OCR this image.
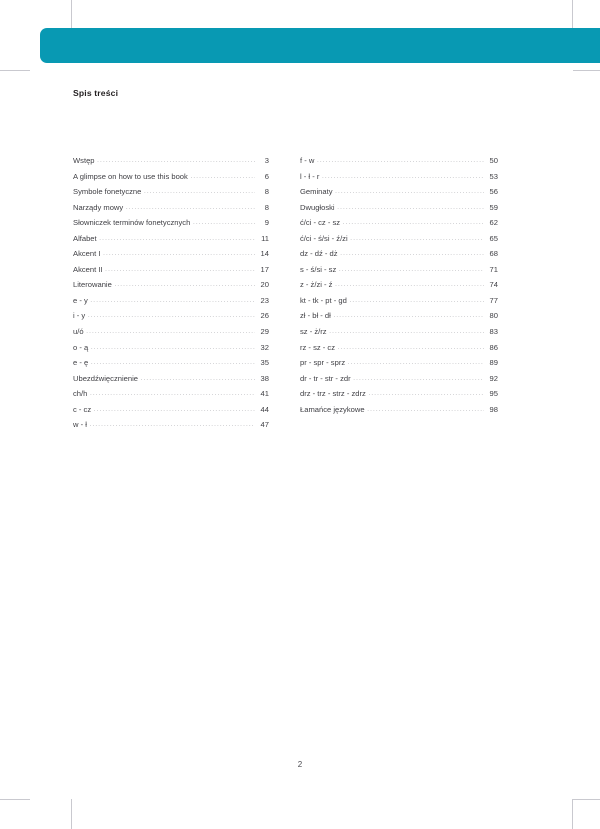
Spis treści
Wstęp .....	3
A glimpse on how to use this book .....	6
Symbole fonetyczne .....	8
Narządy mowy .....	8
Słowniczek terminów fonetycznych .....	9
Alfabet .....	11
Akcent I .....	14
Akcent II .....	17
Literowanie .....	20
e - y .....	23
i - y .....	26
u/ó .....	29
o - ą .....	32
e - ę .....	35
Ubezdźwięcznienie .....	38
ch/h .....	41
c - cz .....	44
w - ł .....	47
f - w .....	50
l - ł - r .....	53
Geminaty .....	56
Dwugłoski .....	59
ć/ci - cz - sz .....	62
ć/ci - ś/si - ź/zi .....	65
dz - dź - dż .....	68
s - ś/si - sz .....	71
z - ż/zi - ź .....	74
kt - tk - pt - gd .....	77
zł - bł - dł .....	80
sz - ż/rz .....	83
rz - sz - cz .....	86
pr - spr - sprz .....	89
dr - tr - str - zdr .....	92
drz - trz - strz - zdrz .....	95
Łamańce językowe .....	98
2
